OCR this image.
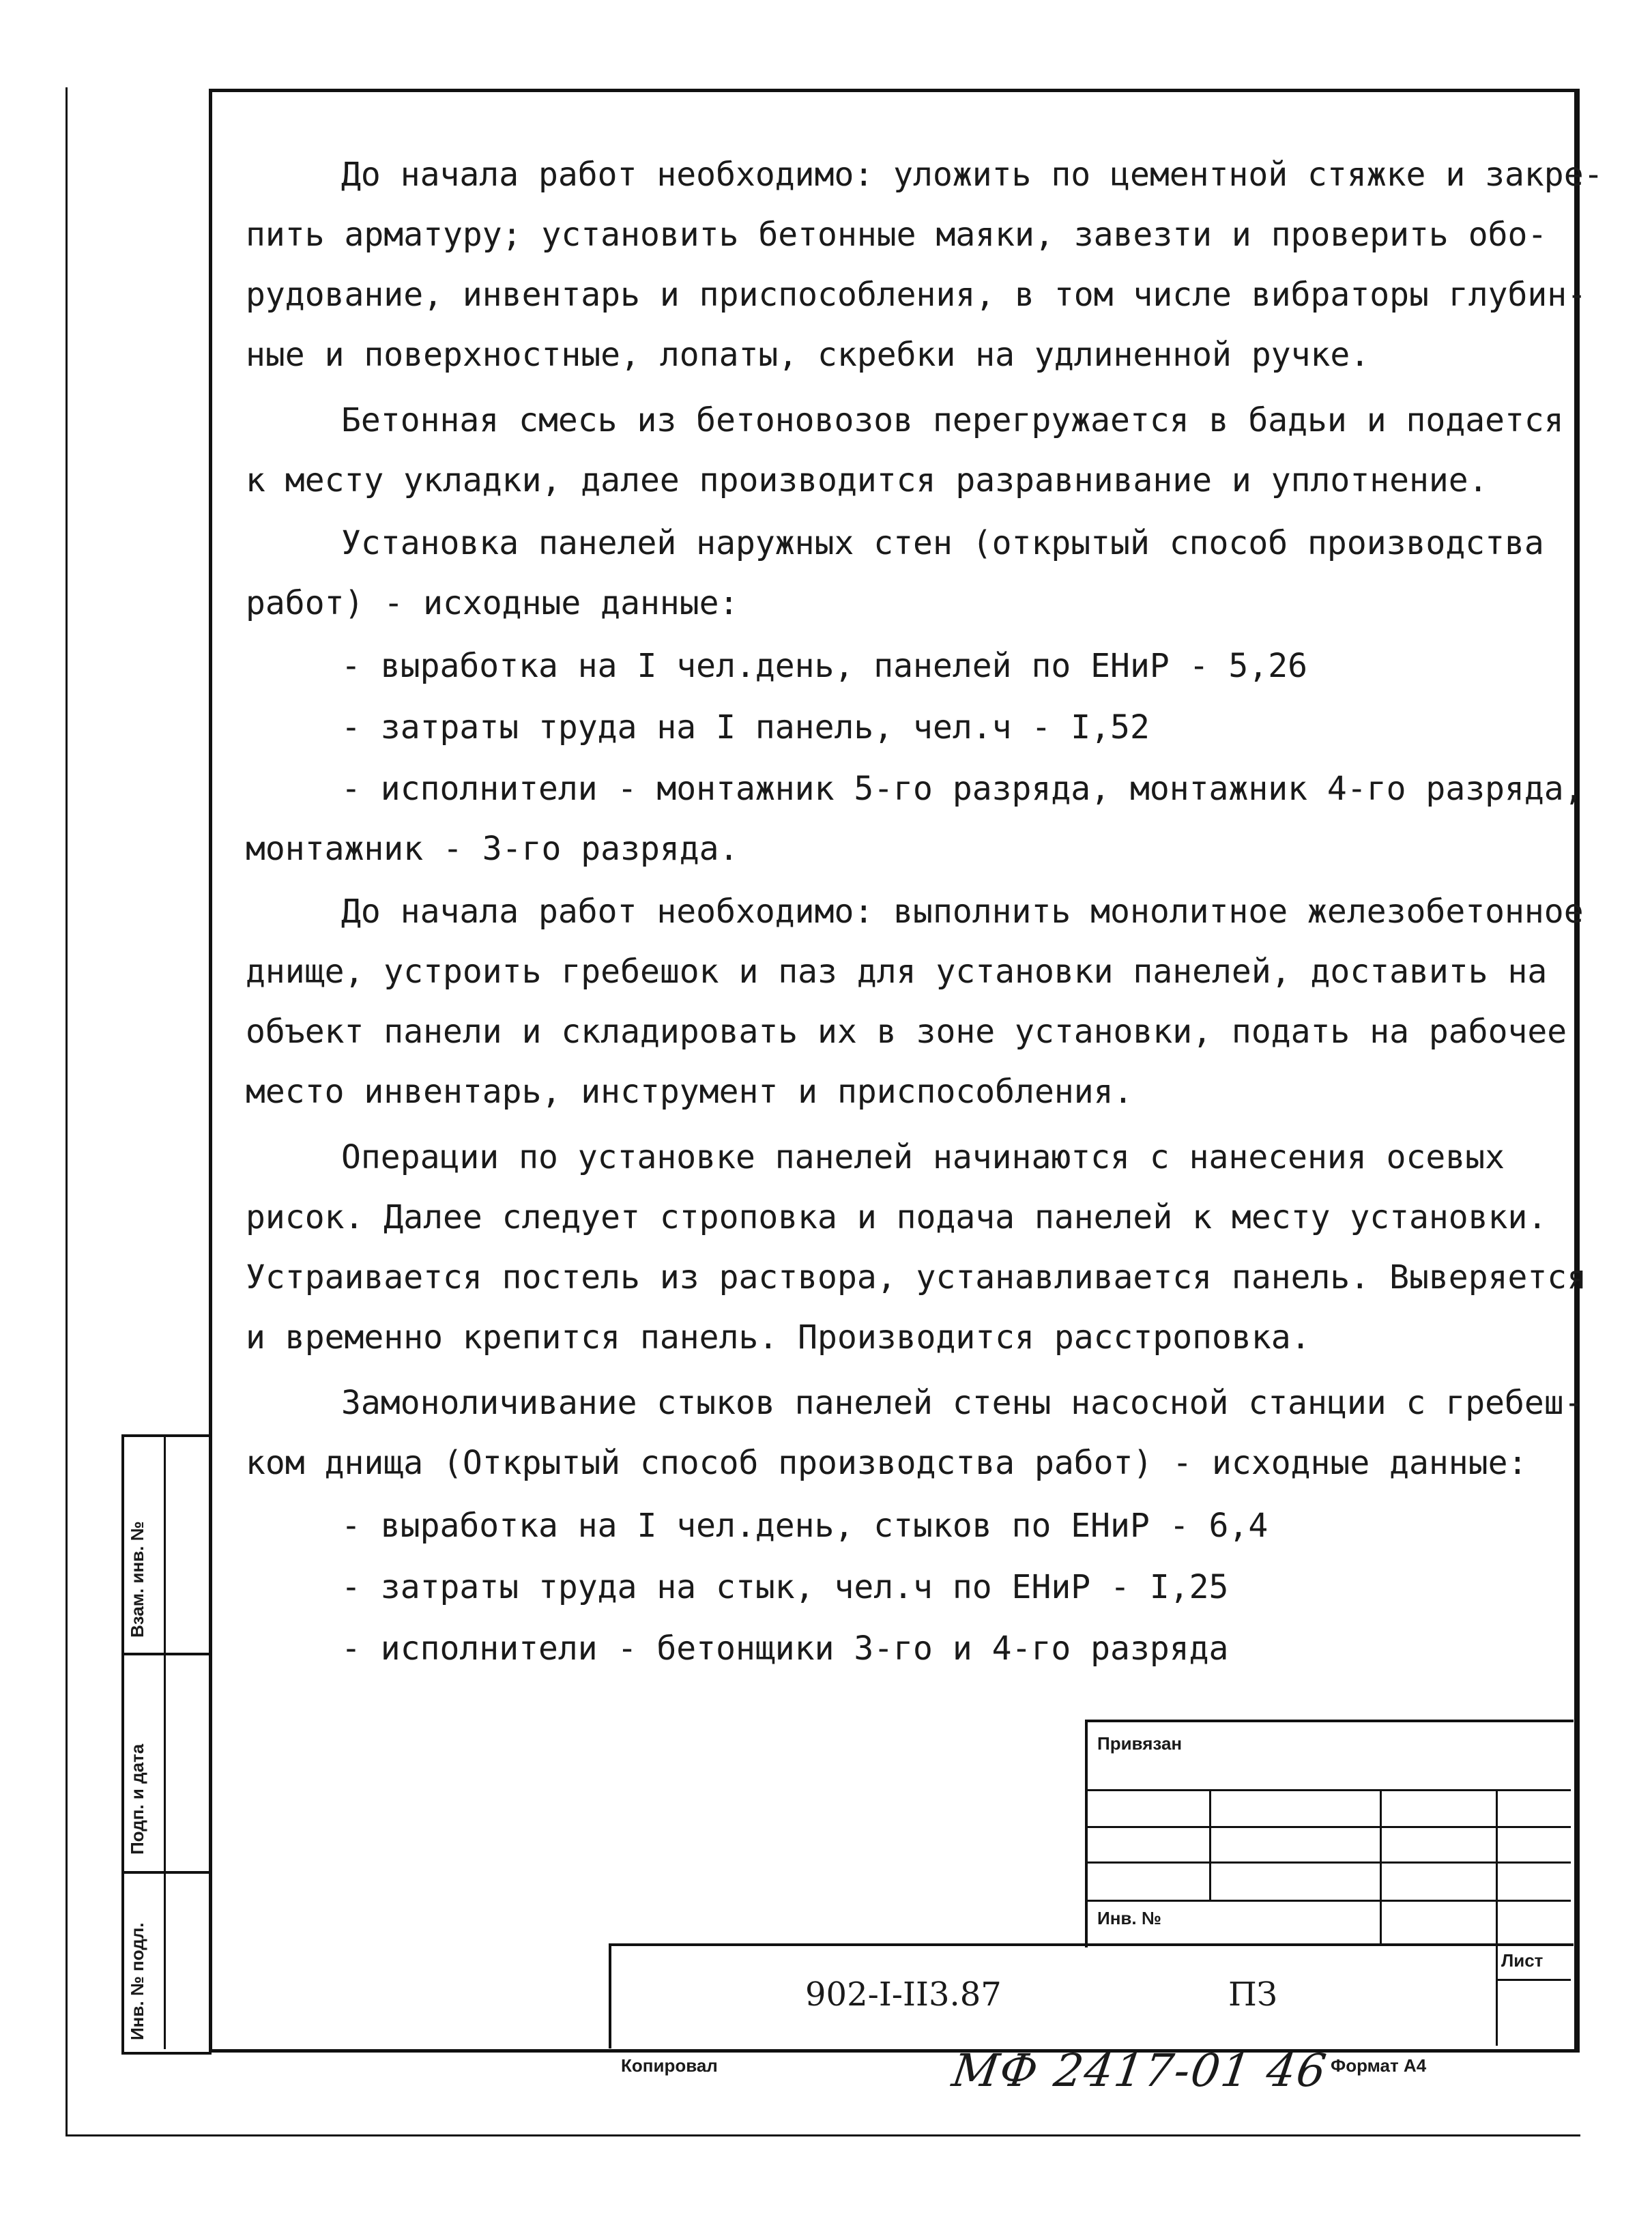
Взам. инв. №
Подп. и дата
Инв. № подл.
До начала работ необходимо: уложить по цементной стяжке и закре-
пить арматуру; установить бетонные маяки, завезти и проверить обо-
рудование, инвентарь и приспособления, в том числе вибраторы глубин-
ные и поверхностные, лопаты, скребки на удлиненной ручке.
Бетонная смесь из бетоновозов перегружается в бадьи и подается
к месту укладки, далее производится разравнивание и уплотнение.
Установка панелей наружных стен (открытый способ производства
работ) - исходные данные:
- выработка на I чел.день, панелей по ЕНиР - 5,26
- затраты труда на I панель, чел.ч - I,52
- исполнители - монтажник 5-го разряда, монтажник 4-го разряда,
монтажник - 3-го разряда.
До начала работ необходимо: выполнить монолитное железобетонное
днище, устроить гребешок и паз для установки панелей, доставить на
объект панели и складировать их в зоне установки, подать на рабочее
место инвентарь, инструмент и приспособления.
Операции по установке панелей начинаются с нанесения осевых
рисок. Далее следует строповка и подача панелей к месту установки.
Устраивается постель из раствора, устанавливается панель. Выверяется
и временно крепится панель. Производится расстроповка.
Замоноличивание стыков панелей стены насосной станции с гребеш-
ком днища (Открытый способ производства работ) - исходные данные:
- выработка на I чел.день, стыков по ЕНиР - 6,4
- затраты труда на стык, чел.ч по ЕНиР - I,25
- исполнители - бетонщики 3-го и 4-го разряда
Привязан
Инв. №
Лист
902-I-II3.87	ПЗ
Копировал	МФ 2417-01 46 Формат А4
